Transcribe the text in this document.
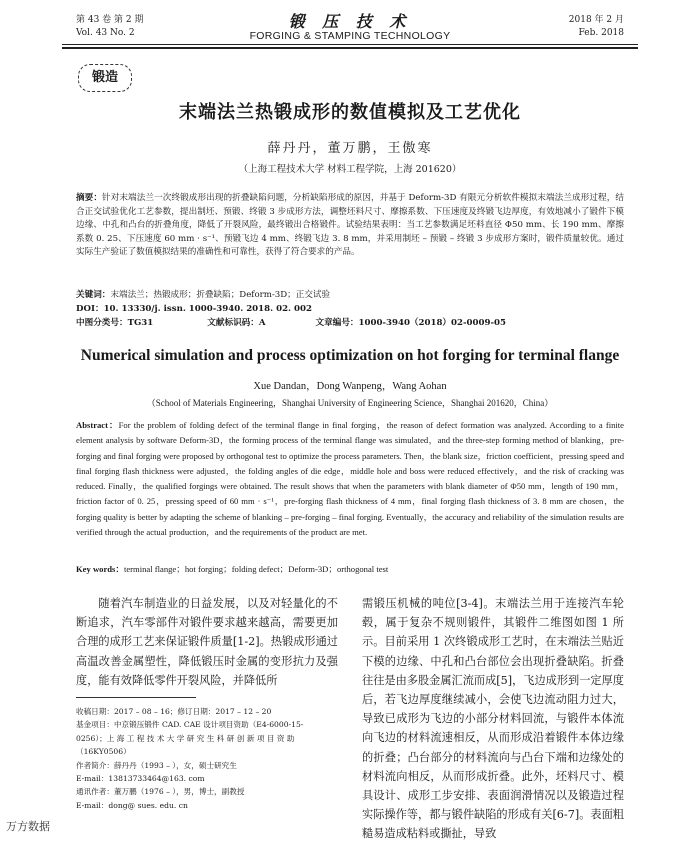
第 43 卷 第 2 期
Vol. 43 No. 2
锻 压 技 术
FORGING & STAMPING TECHNOLOGY
2018 年 2 月
Feb. 2018
锻造
末端法兰热锻成形的数值模拟及工艺优化
薛丹丹，董万鹏，王傲寒
（上海工程技术大学 材料工程学院，上海 201620）
摘要：针对末端法兰一次终锻成形出现的折叠缺陷问题，分析缺陷形成的原因，并基于 Deform-3D 有限元分析软件模拟末端法兰成形过程，结合正交试验优化工艺参数，提出制坯、预锻、终锻 3 步成形方法，调整坯料尺寸、摩擦系数、下压速度及终锻飞边厚度，有效地减小了锻件下模边缘、中孔和凸台的折叠角度，降低了开裂风险，最终锻出合格锻件。试验结果表明：当工艺参数满足坯料直径 Φ50 mm、长 190 mm、摩擦系数 0. 25、下压速度 60 mm · s⁻¹、预锻飞边 4 mm、终锻飞边 3. 8 mm，并采用制坯 – 预锻 – 终锻 3 步成形方案时，锻件质量较优。通过实际生产验证了数值模拟结果的准确性和可靠性，获得了符合要求的产品。
关键词：末端法兰；热锻成形；折叠缺陷；Deform-3D；正交试验
DOI：10. 13330/j. issn. 1000-3940. 2018. 02. 002
中图分类号：TG31	文献标识码：A	文章编号：1000-3940（2018）02-0009-05
Numerical simulation and process optimization on hot forging for terminal flange
Xue Dandan，Dong Wanpeng，Wang Aohan
（School of Materials Engineering，Shanghai University of Engineering Science，Shanghai 201620，China）
Abstract：For the problem of folding defect of the terminal flange in final forging，the reason of defect formation was analyzed. According to a finite element analysis by software Deform-3D，the forming process of the terminal flange was simulated，and the three-step forming method of blanking，pre-forging and final forging were proposed by orthogonal test to optimize the process parameters. Then，the blank size，friction coefficient，pressing speed and final forging flash thickness were adjusted，the folding angles of die edge，middle hole and boss were reduced effectively，and the risk of cracking was reduced. Finally，the qualified forgings were obtained. The result shows that when the parameters with blank diameter of Φ50 mm，length of 190 mm，friction factor of 0. 25，pressing speed of 60 mm · s⁻¹，pre-forging flash thickness of 4 mm，final forging flash thickness of 3. 8 mm are chosen，the forging quality is better by adapting the scheme of blanking – pre-forging – final forging. Eventually，the accuracy and reliability of the simulation results are verified through the actual production，and the requirements of the product are met.
Key words：terminal flange；hot forging；folding defect；Deform-3D；orthogonal test
随着汽车制造业的日益发展，以及对轻量化的不断追求，汽车零部件对锻件要求越来越高，需要更加合理的成形工艺来保证锻件质量[1-2]。热锻成形通过高温改善金属塑性，降低锻压时金属的变形抗力及强度，能有效降低零件开裂风险，并降低所
需锻压机械的吨位[3-4]。末端法兰用于连接汽车轮毂，属于复杂不规则锻件，其锻件二维图如图 1 所示。目前采用 1 次终锻成形工艺时，在末端法兰贴近下模的边缘、中孔和凸台部位会出现折叠缺陷。折叠往往是由多股金属汇流而成[5]，飞边成形到一定厚度后，若飞边厚度继续减小，会使飞边流动阻力过大，导致已成形为飞边的小部分材料回流，与锻件本体流向飞边的材料流速相反，从而形成沿着锻件本体边缘的折叠；凸台部分的材料流向与凸台下端和边缘处的材料流向相反，从而形成折叠。此外，坯料尺寸、模具设计、成形工步安排、表面润滑情况以及锻造过程实际操作等，都与锻件缺陷的形成有关[6-7]。表面粗糙易造成粘料或撕扯，导致
收稿日期：2017 – 08 – 16；修订日期：2017 – 12 – 20
基金项目：中京锻压锻件 CAD. CAE 设计项目资助（E4-6000-15-
0256）；上 海 工 程 技 术 大 学 研 究 生 科 研 创 新 项 目 资 助
（16KY0506）
作者简介：薛丹丹（1993 – ），女，硕士研究生
E-mail：13813733464@163. com
通讯作者：董万鹏（1976 – ），男，博士，副教授
E-mail：dong@ sues. edu. cn
万方数据
